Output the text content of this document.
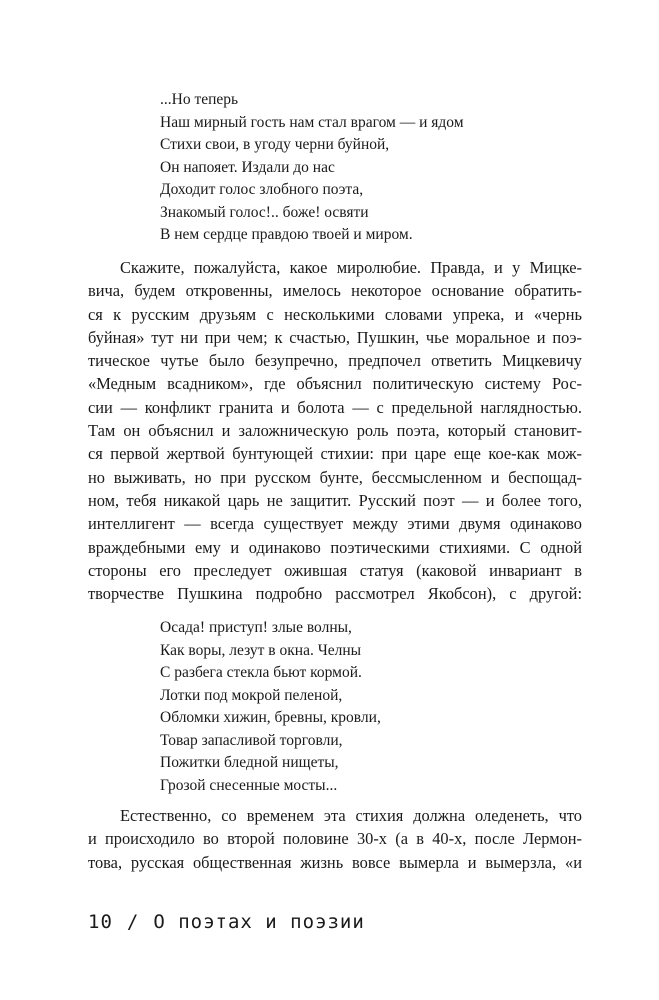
...Но теперь
Наш мирный гость нам стал врагом — и ядом
Стихи свои, в угоду черни буйной,
Он напояет. Издали до нас
Доходит голос злобного поэта,
Знакомый голос!.. боже! освяти
В нем сердце правдою твоей и миром.
Скажите, пожалуйста, какое миролюбие. Правда, и у Мицке-
вича, будем откровенны, имелось некоторое основание обратить-
ся к русским друзьям с несколькими словами упрека, и «чернь
буйная» тут ни при чем; к счастью, Пушкин, чье моральное и поэ-
тическое чутье было безупречно, предпочел ответить Мицкевичу
«Медным всадником», где объяснил политическую систему Рос-
сии — конфликт гранита и болота — с предельной наглядностью.
Там он объяснил и заложническую роль поэта, который становит-
ся первой жертвой бунтующей стихии: при царе еще кое-как мож-
но выживать, но при русском бунте, бессмысленном и беспощад-
ном, тебя никакой царь не защитит. Русский поэт — и более того,
интеллигент — всегда существует между этими двумя одинаково
враждебными ему и одинаково поэтическими стихиями. С одной
стороны его преследует ожившая статуя (каковой инвариант в
творчестве Пушкина подробно рассмотрел Якобсон), с другой:
Осада! приступ! злые волны,
Как воры, лезут в окна. Челны
С разбега стекла бьют кормой.
Лотки под мокрой пеленой,
Обломки хижин, бревны, кровли,
Товар запасливой торговли,
Пожитки бледной нищеты,
Грозой снесенные мосты...
Естественно, со временем эта стихия должна оледенеть, что
и происходило во второй половине 30-х (а в 40-х, после Лермон-
това, русская общественная жизнь вовсе вымерла и вымерзла, «и
10 / О поэтах и поэзии
